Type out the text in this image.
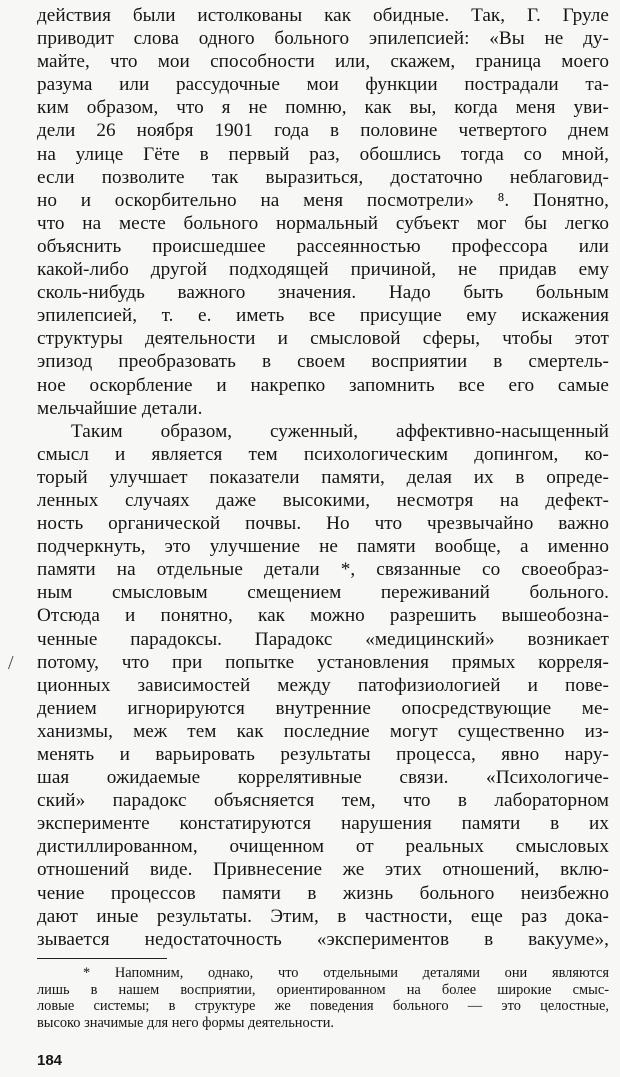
/
действия были истолкованы как обидные. Так, Г. Груле
приводит слова одного больного эпилепсией: «Вы не ду-
майте, что мои способности или, скажем, граница моего
разума или рассудочные мои функции пострадали та-
ким образом, что я не помню, как вы, когда меня уви-
дели 26 ноября 1901 года в половине четвертого днем
на улице Гёте в первый раз, обошлись тогда со мной,
если позволите так выразиться, достаточно неблаговид-
но и оскорбительно на меня посмотрели» ⁸. Понятно,
что на месте больного нормальный субъект мог бы легко
объяснить происшедшее рассеянностью профессора или
какой-либо другой подходящей причиной, не придав ему
сколь-нибудь важного значения. Надо быть больным
эпилепсией, т. е. иметь все присущие ему искажения
структуры деятельности и смысловой сферы, чтобы этот
эпизод преобразовать в своем восприятии в смертель-
ное оскорбление и накрепко запомнить все его самые
мельчайшие детали.
Таким образом, суженный, аффективно-насыщенный
смысл и является тем психологическим допингом, ко-
торый улучшает показатели памяти, делая их в опреде-
ленных случаях даже высокими, несмотря на дефект-
ность органической почвы. Но что чрезвычайно важно
подчеркнуть, это улучшение не памяти вообще, а именно
памяти на отдельные детали *, связанные со своеобраз-
ным смысловым смещением переживаний больного.
Отсюда и понятно, как можно разрешить вышеобозна-
ченные парадоксы. Парадокс «медицинский» возникает
потому, что при попытке установления прямых корреля-
ционных зависимостей между патофизиологией и пове-
дением игнорируются внутренние опосредствующие ме-
ханизмы, меж тем как последние могут существенно из-
менять и варьировать результаты процесса, явно нару-
шая ожидаемые коррелятивные связи. «Психологиче-
ский» парадокс объясняется тем, что в лабораторном
эксперименте констатируются нарушения памяти в их
дистиллированном, очищенном от реальных смысловых
отношений виде. Привнесение же этих отношений, вклю-
чение процессов памяти в жизнь больного неизбежно
дают иные результаты. Этим, в частности, еще раз дока-
зывается недостаточность «экспериментов в вакууме»,
* Напомним, однако, что отдельными деталями они являются
лишь в нашем восприятии, ориентированном на более широкие смыс-
ловые системы; в структуре же поведения больного — это целостные,
высоко значимые для него формы деятельности.
184
